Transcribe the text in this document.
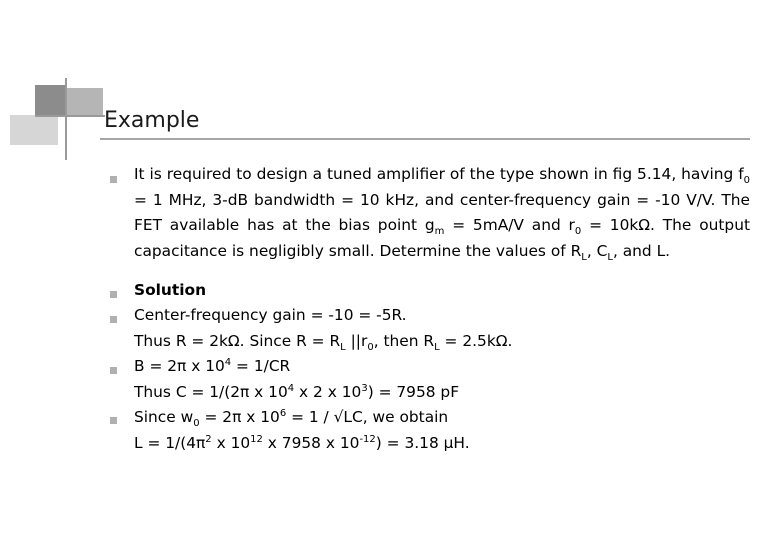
Example
It is required to design a tuned amplifier of the type shown in fig 5.14, having $f_0 = 1$ MHz, 3-dB bandwidth = 10 kHz, and center-frequency gain = -10 V/V. The FET available has at the bias point $g_m = 5mA/V$ and $r_0 = 10k\Omega$. The output capacitance is negligibly small. Determine the values of $R_L$, $C_L$, and L.
Solution
Center-frequency gain = -10 = -5R.
Thus R = 2kΩ. Since $R = R_L$ $||r_0$, then $R_L = 2.5k\Omega$.
B = 2π x $10^4 = 1/CR$
Thus C = 1/(2π x $10^4$ x 2 x $10^3) = 7958$ pF
Since $w_0 = 2\pi$ x $10^6 = 1 / √LC$, we obtain
$L = 1/(4\pi^2$ x $10^{12}$ x 7958 x $10^{-12}) = 3.18$ μH.
